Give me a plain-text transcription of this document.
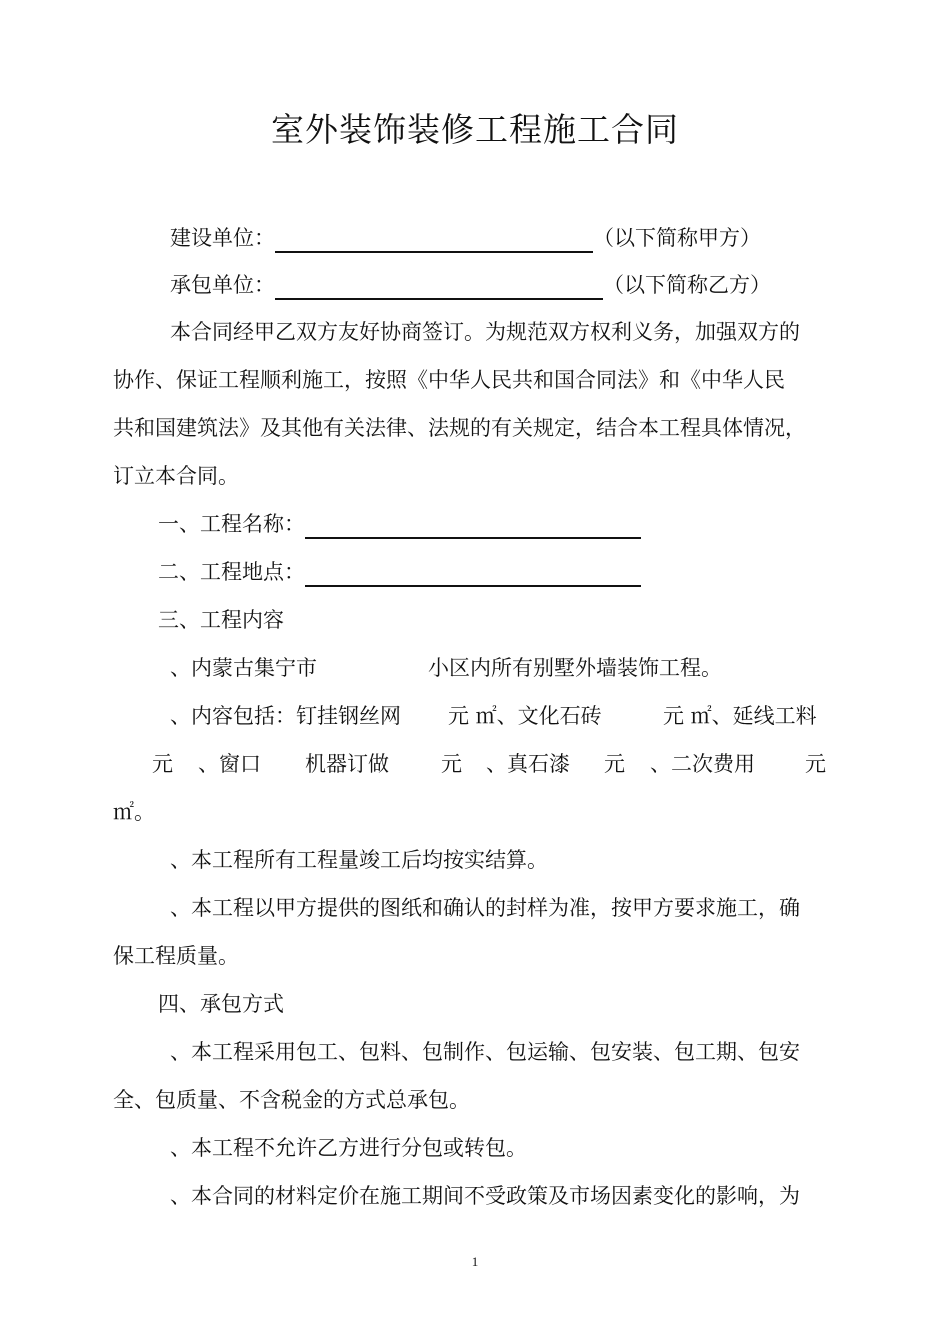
室外装饰装修工程施工合同
建设单位：	（以下简称甲方）
承包单位：	（以下简称乙方）
本合同经甲乙双方友好协商签订。为规范双方权利义务，加强双方的
协作、保证工程顺利施工，按照《中华人民共和国合同法》和《中华人民
共和国建筑法》及其他有关法律、法规的有关规定，结合本工程具体情况，
订立本合同。
一、工程名称：
二、工程地点：
三、工程内容
、内蒙古集宁市	小区内所有别墅外墙装饰工程。
、内容包括：钉挂钢丝网 元 ㎡、文化石砖	元 ㎡、延线工料
元 、窗口 机器订做 元 、真石漆 元 、二次费用 元
㎡。
、本工程所有工程量竣工后均按实结算。
、本工程以甲方提供的图纸和确认的封样为准，按甲方要求施工，确
保工程质量。
四、承包方式
、本工程采用包工、包料、包制作、包运输、包安装、包工期、包安
全、包质量、不含税金的方式总承包。
、本工程不允许乙方进行分包或转包。
、本合同的材料定价在施工期间不受政策及市场因素变化的影响，为
1
